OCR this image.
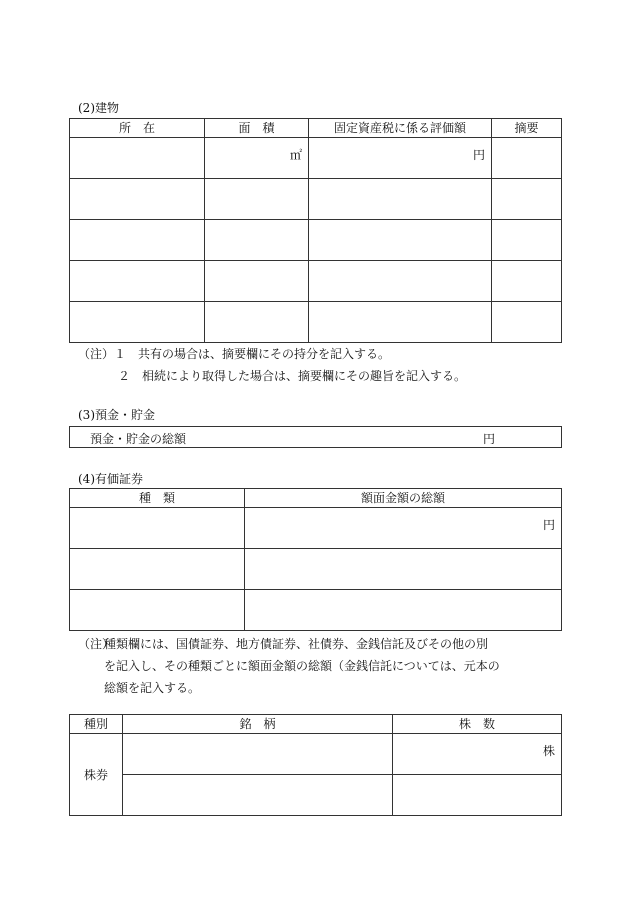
(2)建物
所　在	面　積	固定資産税に係る評価額	摘要

	㎡	円	

（注）１　共有の場合は、摘要欄にその持分を記入する。
２　相続により取得した場合は、摘要欄にその趣旨を記入する。
(3)預金・貯金
預金・貯金の総額	円
(4)有価証券
種　類	額面金額の総額

	円

（注）
種類欄には、国債証券、地方債証券、社債券、金銭信託及びその他の別
を記入し、その種類ごとに額面金額の総額（金銭信託については、元本の
総額を記入する。
種別	銘　柄	株　数
株券		株
